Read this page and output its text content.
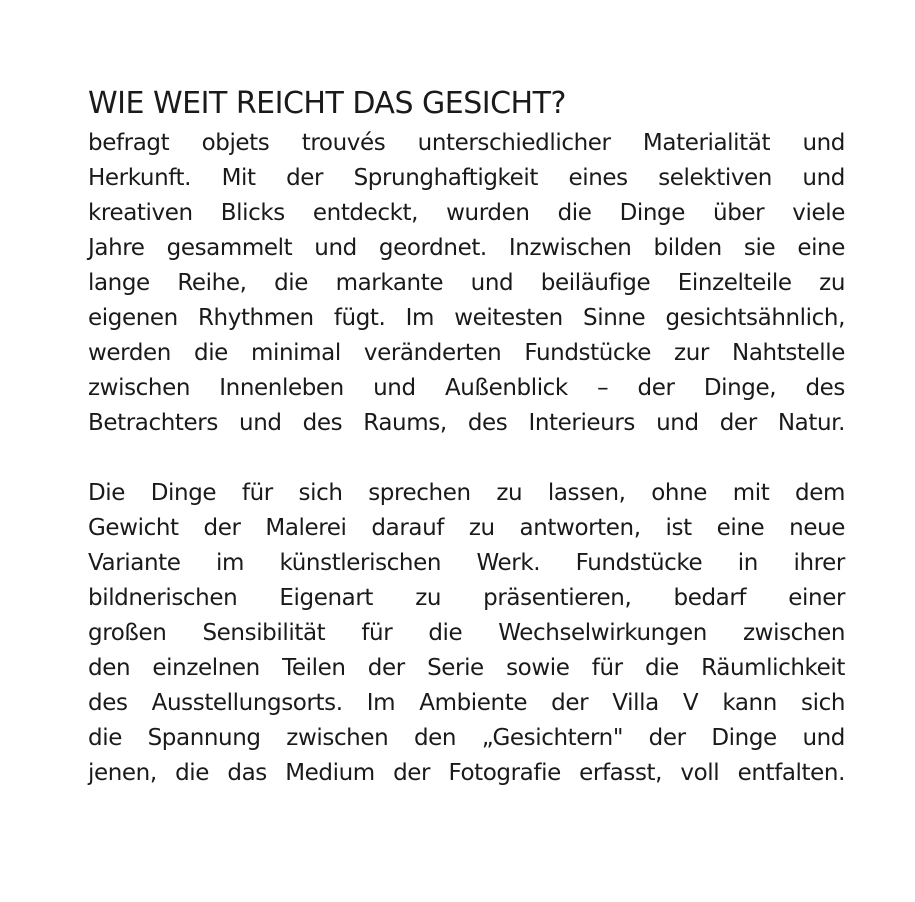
WIE WEIT REICHT DAS GESICHT?

befragt objets trouvés unterschiedlicher Materialität und
Herkunft. Mit der Sprunghaftigkeit eines selektiven und
kreativen Blicks entdeckt, wurden die Dinge über viele
Jahre gesammelt und geordnet. Inzwischen bilden sie eine
lange Reihe, die markante und beiläufige Einzelteile zu
eigenen Rhythmen fügt. Im weitesten Sinne gesichtsähnlich,
werden die minimal veränderten Fundstücke zur Nahtstelle
zwischen Innenleben und Außenblick – der Dinge, des
Betrachters und des Raums, des Interieurs und der Natur.

Die Dinge für sich sprechen zu lassen, ohne mit dem
Gewicht der Malerei darauf zu antworten, ist eine neue
Variante im künstlerischen Werk. Fundstücke in ihrer
bildnerischen Eigenart zu präsentieren, bedarf einer
großen Sensibilität für die Wechselwirkungen zwischen
den einzelnen Teilen der Serie sowie für die Räumlichkeit
des Ausstellungsorts. Im Ambiente der Villa V kann sich
die Spannung zwischen den „Gesichtern" der Dinge und
jenen, die das Medium der Fotografie erfasst, voll entfalten.
